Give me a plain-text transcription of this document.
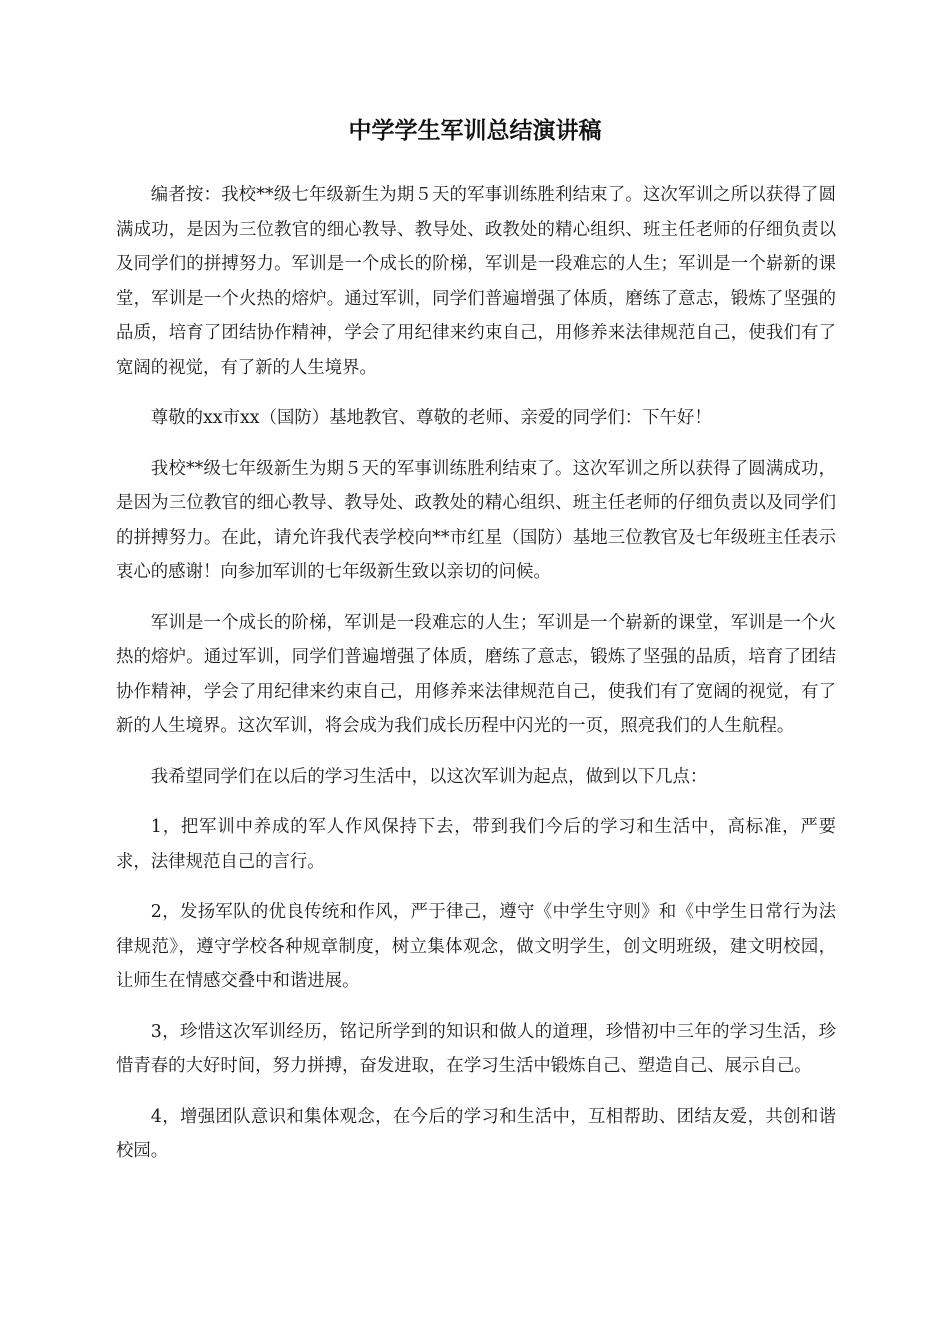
中学学生军训总结演讲稿

编者按：我校**级七年级新生为期５天的军事训练胜利结束了。这次军训之所以获得了圆满成功，是因为三位教官的细心教导、教导处、政教处的精心组织、班主任老师的仔细负责以及同学们的拼搏努力。军训是一个成长的阶梯，军训是一段难忘的人生；军训是一个崭新的课堂，军训是一个火热的熔炉。通过军训，同学们普遍增强了体质，磨练了意志，锻炼了坚强的品质，培育了团结协作精神，学会了用纪律来约束自己，用修养来法律规范自己，使我们有了宽阔的视觉，有了新的人生境界。

尊敬的xx市xx（国防）基地教官、尊敬的老师、亲爱的同学们：下午好！

我校**级七年级新生为期５天的军事训练胜利结束了。这次军训之所以获得了圆满成功，是因为三位教官的细心教导、教导处、政教处的精心组织、班主任老师的仔细负责以及同学们的拼搏努力。在此，请允许我代表学校向**市红星（国防）基地三位教官及七年级班主任表示衷心的感谢！向参加军训的七年级新生致以亲切的问候。

军训是一个成长的阶梯，军训是一段难忘的人生；军训是一个崭新的课堂，军训是一个火热的熔炉。通过军训，同学们普遍增强了体质，磨练了意志，锻炼了坚强的品质，培育了团结协作精神，学会了用纪律来约束自己，用修养来法律规范自己，使我们有了宽阔的视觉，有了新的人生境界。这次军训，将会成为我们成长历程中闪光的一页，照亮我们的人生航程。

我希望同学们在以后的学习生活中，以这次军训为起点，做到以下几点：

1，把军训中养成的军人作风保持下去，带到我们今后的学习和生活中，高标准，严要求，法律规范自己的言行。

2，发扬军队的优良传统和作风，严于律己，遵守《中学生守则》和《中学生日常行为法律规范》，遵守学校各种规章制度，树立集体观念，做文明学生，创文明班级，建文明校园，让师生在情感交叠中和谐进展。

3，珍惜这次军训经历，铭记所学到的知识和做人的道理，珍惜初中三年的学习生活，珍惜青春的大好时间，努力拼搏，奋发进取，在学习生活中锻炼自己、塑造自己、展示自己。

4，增强团队意识和集体观念，在今后的学习和生活中，互相帮助、团结友爱，共创和谐校园。
